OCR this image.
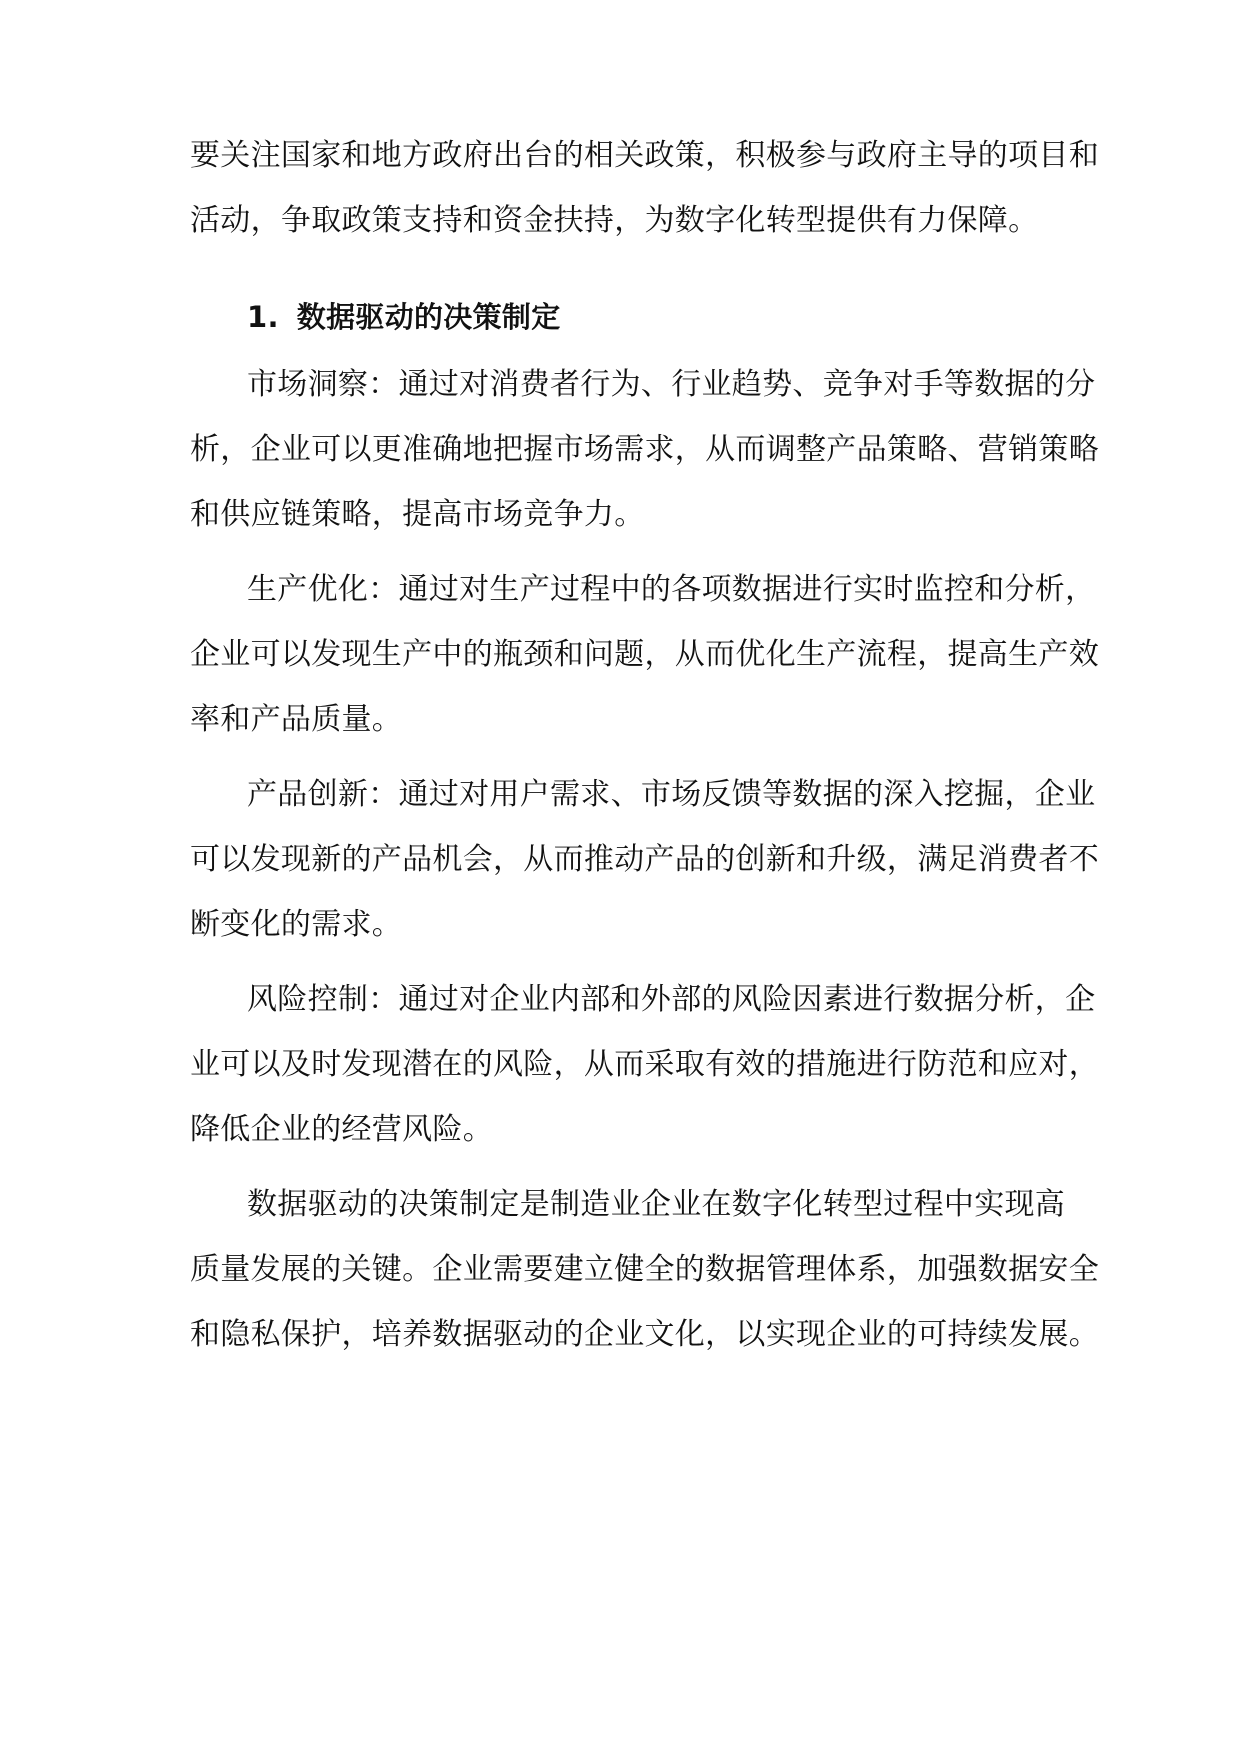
要关注国家和地方政府出台的相关政策，积极参与政府主导的项目和
活动，争取政策支持和资金扶持，为数字化转型提供有力保障。
1. 数据驱动的决策制定
市场洞察：通过对消费者行为、行业趋势、竞争对手等数据的分
析，企业可以更准确地把握市场需求，从而调整产品策略、营销策略
和供应链策略，提高市场竞争力。
生产优化：通过对生产过程中的各项数据进行实时监控和分析，
企业可以发现生产中的瓶颈和问题，从而优化生产流程，提高生产效
率和产品质量。
产品创新：通过对用户需求、市场反馈等数据的深入挖掘，企业
可以发现新的产品机会，从而推动产品的创新和升级，满足消费者不
断变化的需求。
风险控制：通过对企业内部和外部的风险因素进行数据分析，企
业可以及时发现潜在的风险，从而采取有效的措施进行防范和应对，
降低企业的经营风险。
数据驱动的决策制定是制造业企业在数字化转型过程中实现高
质量发展的关键。企业需要建立健全的数据管理体系，加强数据安全
和隐私保护，培养数据驱动的企业文化，以实现企业的可持续发展。
